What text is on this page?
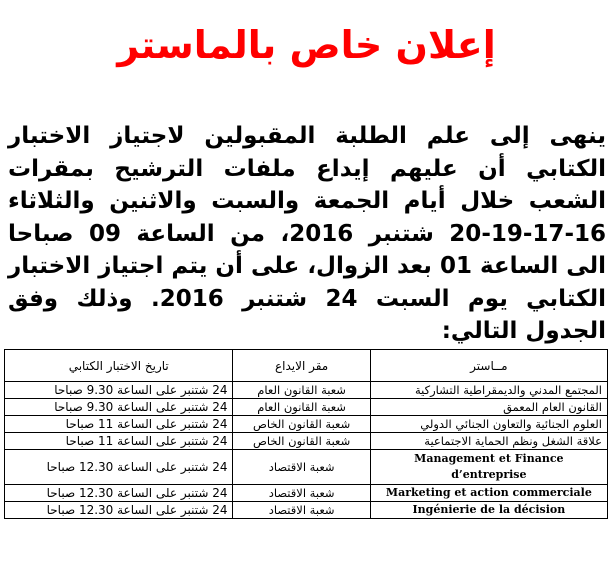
إعلان خاص بالماستر

ينهى إلى علم الطلبة المقبولين لاجتياز الاختبار الكتابي أن عليهم إيداع ملفات الترشيح بمقرات الشعب خلال أيام الجمعة والسبت والاثنين والثلاثاء 16-17-19-20 شتنبر 2016، من الساعة 09 صباحا الى الساعة 01 بعد الزوال، على أن يتم اجتياز الاختبار الكتابي يوم السبت 24 شتنبر 2016. وذلك وفق الجدول التالي:

مــاستر	مقر الايداع	تاريخ الاختبار الكتابي
المجتمع المدني والديمقراطية التشاركية	شعبة القانون العام	24 شتنبر على الساعة 9.30 صباحا
القانون العام المعمق	شعبة القانون العام	24 شتنبر على الساعة 9.30 صباحا
العلوم الجنائية والتعاون الجنائي الدولي	شعبة القانون الخاص	24 شتنبر على الساعة 11 صباحا
علاقة الشغل ونظم الحماية الاجتماعية	شعبة القانون الخاص	24 شتنبر على الساعة 11 صباحا
Management et Finance d’entreprise	شعبة الاقتصاد	24 شتنبر على الساعة 12.30 صباحا
Marketing et action commerciale	شعبة الاقتصاد	24 شتنبر على الساعة 12.30 صباحا
Ingénierie de la décision	شعبة الاقتصاد	24 شتنبر على الساعة 12.30 صباحا
